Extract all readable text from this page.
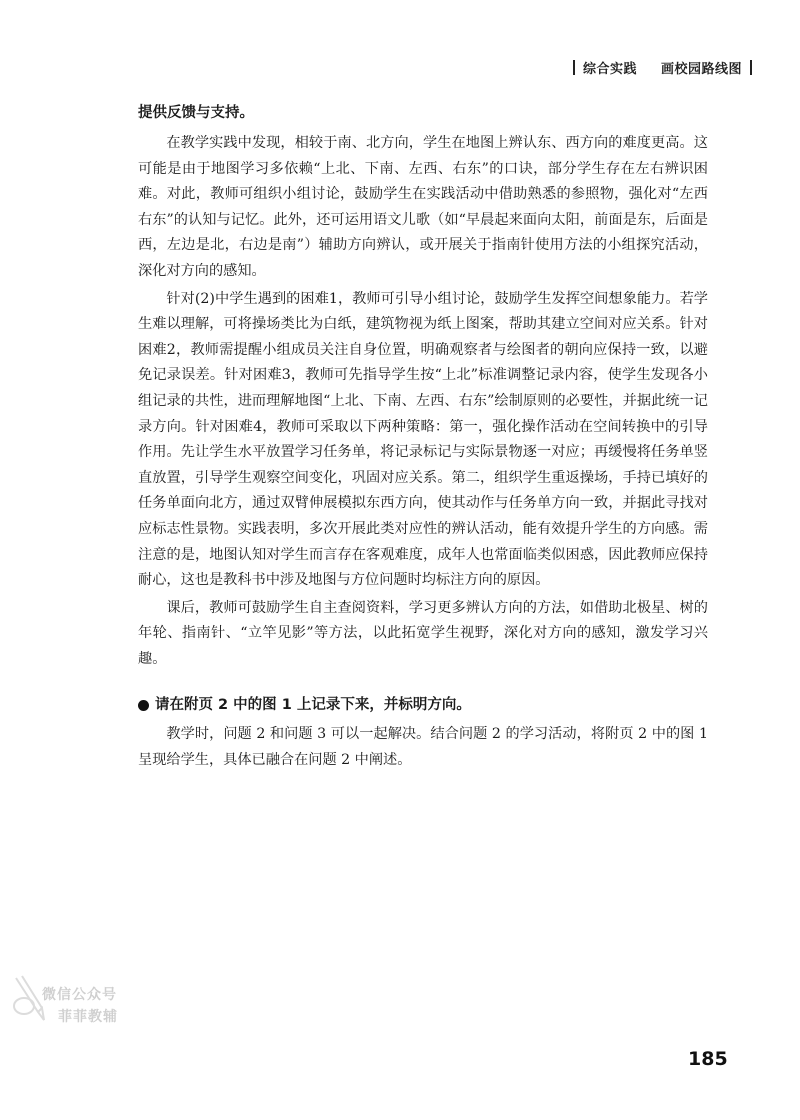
综合实践 画校园路线图

提供反馈与支持。

在教学实践中发现，相较于南、北方向，学生在地图上辨认东、西方向的难度更高。这可能是由于地图学习多依赖“上北、下南、左西、右东”的口诀，部分学生存在左右辨识困难。对此，教师可组织小组讨论，鼓励学生在实践活动中借助熟悉的参照物，强化对“左西右东”的认知与记忆。此外，还可运用语文儿歌（如“早晨起来面向太阳，前面是东，后面是西，左边是北，右边是南”）辅助方向辨认，或开展关于指南针使用方法的小组探究活动，深化对方向的感知。

针对(2)中学生遇到的困难1，教师可引导小组讨论，鼓励学生发挥空间想象能力。若学生难以理解，可将操场类比为白纸，建筑物视为纸上图案，帮助其建立空间对应关系。针对困难2，教师需提醒小组成员关注自身位置，明确观察者与绘图者的朝向应保持一致，以避免记录误差。针对困难3，教师可先指导学生按“上北”标准调整记录内容，使学生发现各小组记录的共性，进而理解地图“上北、下南、左西、右东”绘制原则的必要性，并据此统一记录方向。针对困难4，教师可采取以下两种策略：第一，强化操作活动在空间转换中的引导作用。先让学生水平放置学习任务单，将记录标记与实际景物逐一对应；再缓慢将任务单竖直放置，引导学生观察空间变化，巩固对应关系。第二，组织学生重返操场，手持已填好的任务单面向北方，通过双臂伸展模拟东西方向，使其动作与任务单方向一致，并据此寻找对应标志性景物。实践表明，多次开展此类对应性的辨认活动，能有效提升学生的方向感。需注意的是，地图认知对学生而言存在客观难度，成年人也常面临类似困惑，因此教师应保持耐心，这也是教科书中涉及地图与方位问题时均标注方向的原因。

课后，教师可鼓励学生自主查阅资料，学习更多辨认方向的方法，如借助北极星、树的年轮、指南针、“立竿见影”等方法，以此拓宽学生视野，深化对方向的感知，激发学习兴趣。

请在附页 2 中的图 1 上记录下来，并标明方向。

教学时，问题 2 和问题 3 可以一起解决。结合问题 2 的学习活动，将附页 2 中的图 1 呈现给学生，具体已融合在问题 2 中阐述。

微信公众号
菲菲教辅
185
